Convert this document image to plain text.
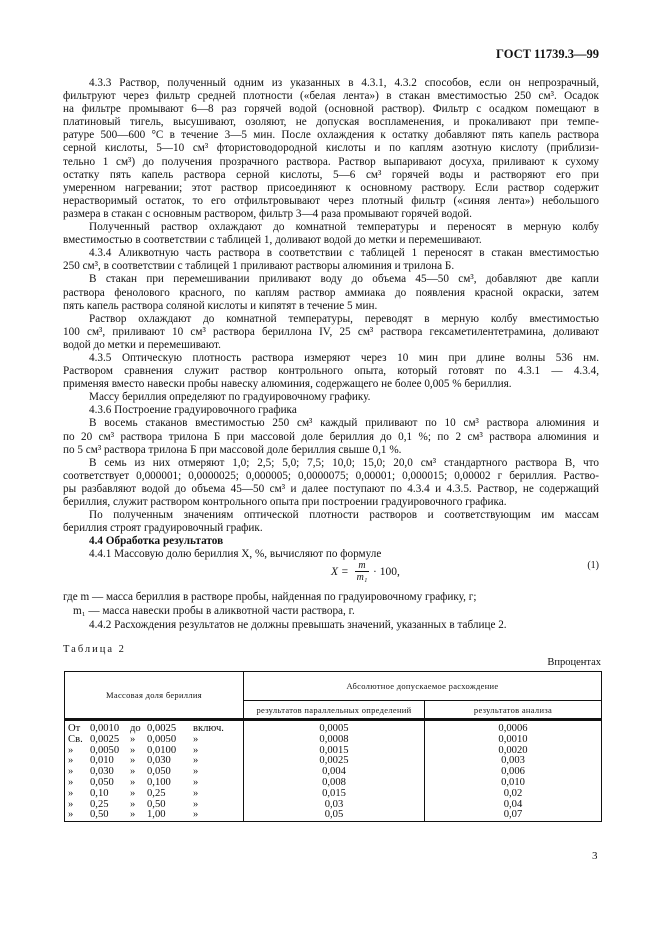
ГОСТ 11739.3—99
4.3.3 Раствор, полученный одним из указанных в 4.3.1, 4.3.2 способов, если он непрозрачный,
фильтруют через фильтр средней плотности («белая лента») в стакан вместимостью 250 см³. Осадок
на фильтре промывают 6—8 раз горячей водой (основной раствор). Фильтр с осадком помещают в
платиновый тигель, высушивают, озоляют, не допуская воспламенения, и прокаливают при темпе-
ратуре 500—600 °С в течение 3—5 мин. После охлаждения к остатку добавляют пять капель раствора
серной кислоты, 5—10 см³ фтористоводородной кислоты и по каплям азотную кислоту (приблизи-
тельно 1 см³) до получения прозрачного раствора. Раствор выпаривают досуха, приливают к сухому
остатку пять капель раствора серной кислоты, 5—6 см³ горячей воды и растворяют его при
умеренном нагревании; этот раствор присоединяют к основному раствору. Если раствор содержит
нерастворимый остаток, то его отфильтровывают через плотный фильтр («синяя лента») небольшого
размера в стакан с основным раствором, фильтр 3—4 раза промывают горячей водой.
Полученный раствор охлаждают до комнатной температуры и переносят в мерную колбу
вместимостью в соответствии с таблицей 1, доливают водой до метки и перемешивают.
4.3.4 Аликвотную часть раствора в соответствии с таблицей 1 переносят в стакан вместимостью
250 см³, в соответствии с таблицей 1 приливают растворы алюминия и трилона Б.
В стакан при перемешивании приливают воду до объема 45—50 см³, добавляют две капли
раствора фенолового красного, по каплям раствор аммиака до появления красной окраски, затем
пять капель раствора соляной кислоты и кипятят в течение 5 мин.
Раствор охлаждают до комнатной температуры, переводят в мерную колбу вместимостью
100 см³, приливают 10 см³ раствора бериллона IV, 25 см³ раствора гексаметилентетрамина, доливают
водой до метки и перемешивают.
4.3.5 Оптическую плотность раствора измеряют через 10 мин при длине волны 536 нм.
Раствором сравнения служит раствор контрольного опыта, который готовят по 4.3.1 — 4.3.4,
применяя вместо навески пробы навеску алюминия, содержащего не более 0,005 % бериллия.
Массу бериллия определяют по градуировочному графику.
4.3.6 Построение градуировочного графика
В восемь стаканов вместимостью 250 см³ каждый приливают по 10 см³ раствора алюминия и
по 20 см³ раствора трилона Б при массовой доле бериллия до 0,1 %; по 2 см³ раствора алюминия и
по 5 см³ раствора трилона Б при массовой доле бериллия свыше 0,1 %.
В семь из них отмеряют 1,0; 2,5; 5,0; 7,5; 10,0; 15,0; 20,0 см³ стандартного раствора В, что
соответствует 0,000001; 0,0000025; 0,000005; 0,0000075; 0,00001; 0,000015; 0,00002 г бериллия. Раство-
ры разбавляют водой до объема 45—50 см³ и далее поступают по 4.3.4 и 4.3.5. Раствор, не содержащий
бериллия, служит раствором контрольного опыта при построении градуировочного графика.
По полученным значениям оптической плотности растворов и соответствующим им массам
бериллия строят градуировочный график.
4.4 Обработка результатов
4.4.1 Массовую долю бериллия X, %, вычисляют по формуле
$X = \frac{m}{\text{m₁}} \cdot 100$,
(1)
где m — масса бериллия в растворе пробы, найденная по градуировочному графику, г;
m₁ — масса навески пробы в аликвотной части раствора, г.
4.4.2 Расхождения результатов не должны превышать значений, указанных в таблице 2.
Таблица 2
Впроцентах
Массовая доля бериллия	Абсолютное допускаемое расхождение	
	результатов параллельных определений	результатов анализа
От 0,0010 до 0,0025 включ.	0,0005	0,0006
Св. 0,0025 » 0,0050 »	0,0008	0,0010
» 0,0050 » 0,0100 »	0,0015	0,0020
» 0,010 » 0,030 »	0,0025	0,003
» 0,030 » 0,050 »	0,004	0,006
» 0,050 » 0,100 »	0,008	0,010
» 0,10 » 0,25 »	0,015	0,02
» 0,25 » 0,50 »	0,03	0,04
» 0,50 » 1,00 »	0,05	0,07
3
